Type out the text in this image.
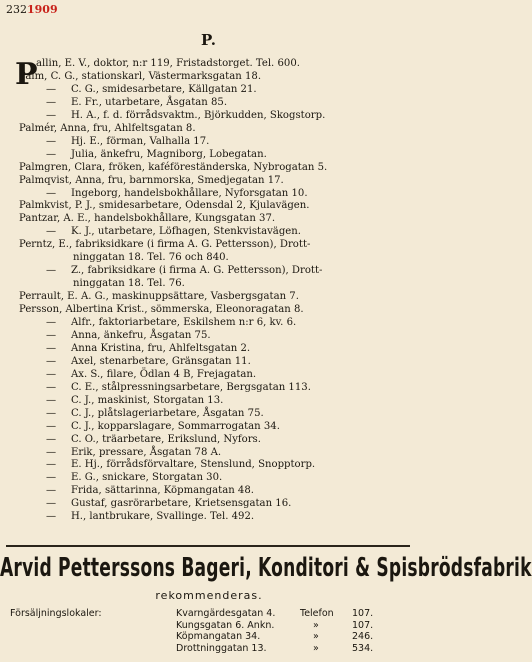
232 1909
P.
P
allin, E. V., doktor, n:r 119, Fristadstorget. Tel. 600.
Palm, C. G., stationskarl, Västermarksgatan 18.
— C. G., smidesarbetare, Källgatan 21.
— E. Fr., utarbetare, Åsgatan 85.
— H. A., f. d. förrådsvaktm., Björkudden, Skogstorp.
Palmér, Anna, fru, Ahlfeltsgatan 8.
— Hj. E., förman, Valhalla 17.
— Julia, änkefru, Magniborg, Lobegatan.
Palmgren, Clara, fröken, kaféföreständerska, Nybrogatan 5.
Palmqvist, Anna, fru, barnmorska, Smedjegatan 17.
— Ingeborg, handelsbokhållare, Nyforsgatan 10.
Palmkvist, P. J., smidesarbetare, Odensdal 2, Kjulavägen.
Pantzar, A. E., handelsbokhållare, Kungsgatan 37.
— K. J., utarbetare, Löfhagen, Stenkvistavägen.
Perntz, E., fabriksidkare (i firma A. G. Pettersson), Drott-
ninggatan 18. Tel. 76 och 840.
— Z., fabriksidkare (i firma A. G. Pettersson), Drott-
ninggatan 18. Tel. 76.
Perrault, E. A. G., maskinuppsättare, Vasbergsgatan 7.
Persson, Albertina Krist., sömmerska, Eleonoragatan 8.
— Alfr., faktoriarbetare, Eskilshem n:r 6, kv. 6.
— Anna, änkefru, Åsgatan 75.
— Anna Kristina, fru, Ahlfeltsgatan 2.
— Axel, stenarbetare, Gränsgatan 11.
— Ax. S., filare, Ödlan 4 B, Frejagatan.
— C. E., stålpressningsarbetare, Bergsgatan 113.
— C. J., maskinist, Storgatan 13.
— C. J., plåtslageriarbetare, Åsgatan 75.
— C. J., kopparslagare, Sommarrogatan 34.
— C. O., träarbetare, Erikslund, Nyfors.
— Erik, pressare, Åsgatan 78 A.
— E. Hj., förrådsförvaltare, Stenslund, Snopptorp.
— E. G., snickare, Storgatan 30.
— Frida, sättarinna, Köpmangatan 48.
— Gustaf, gasrörarbetare, Krietsensgatan 16.
— H., lantbrukare, Svallinge. Tel. 492.
Arvid Petterssons Bageri, Konditori & Spisbrödsfabrik
rekommenderas.
Försäljningslokaler:	Kvarngärdesgatan 4.	Telefon 107.
Kungsgatan 6. Ankn.	»	107.
Köpmangatan 34.	»	246.
Drottninggatan 13.	»	534.
